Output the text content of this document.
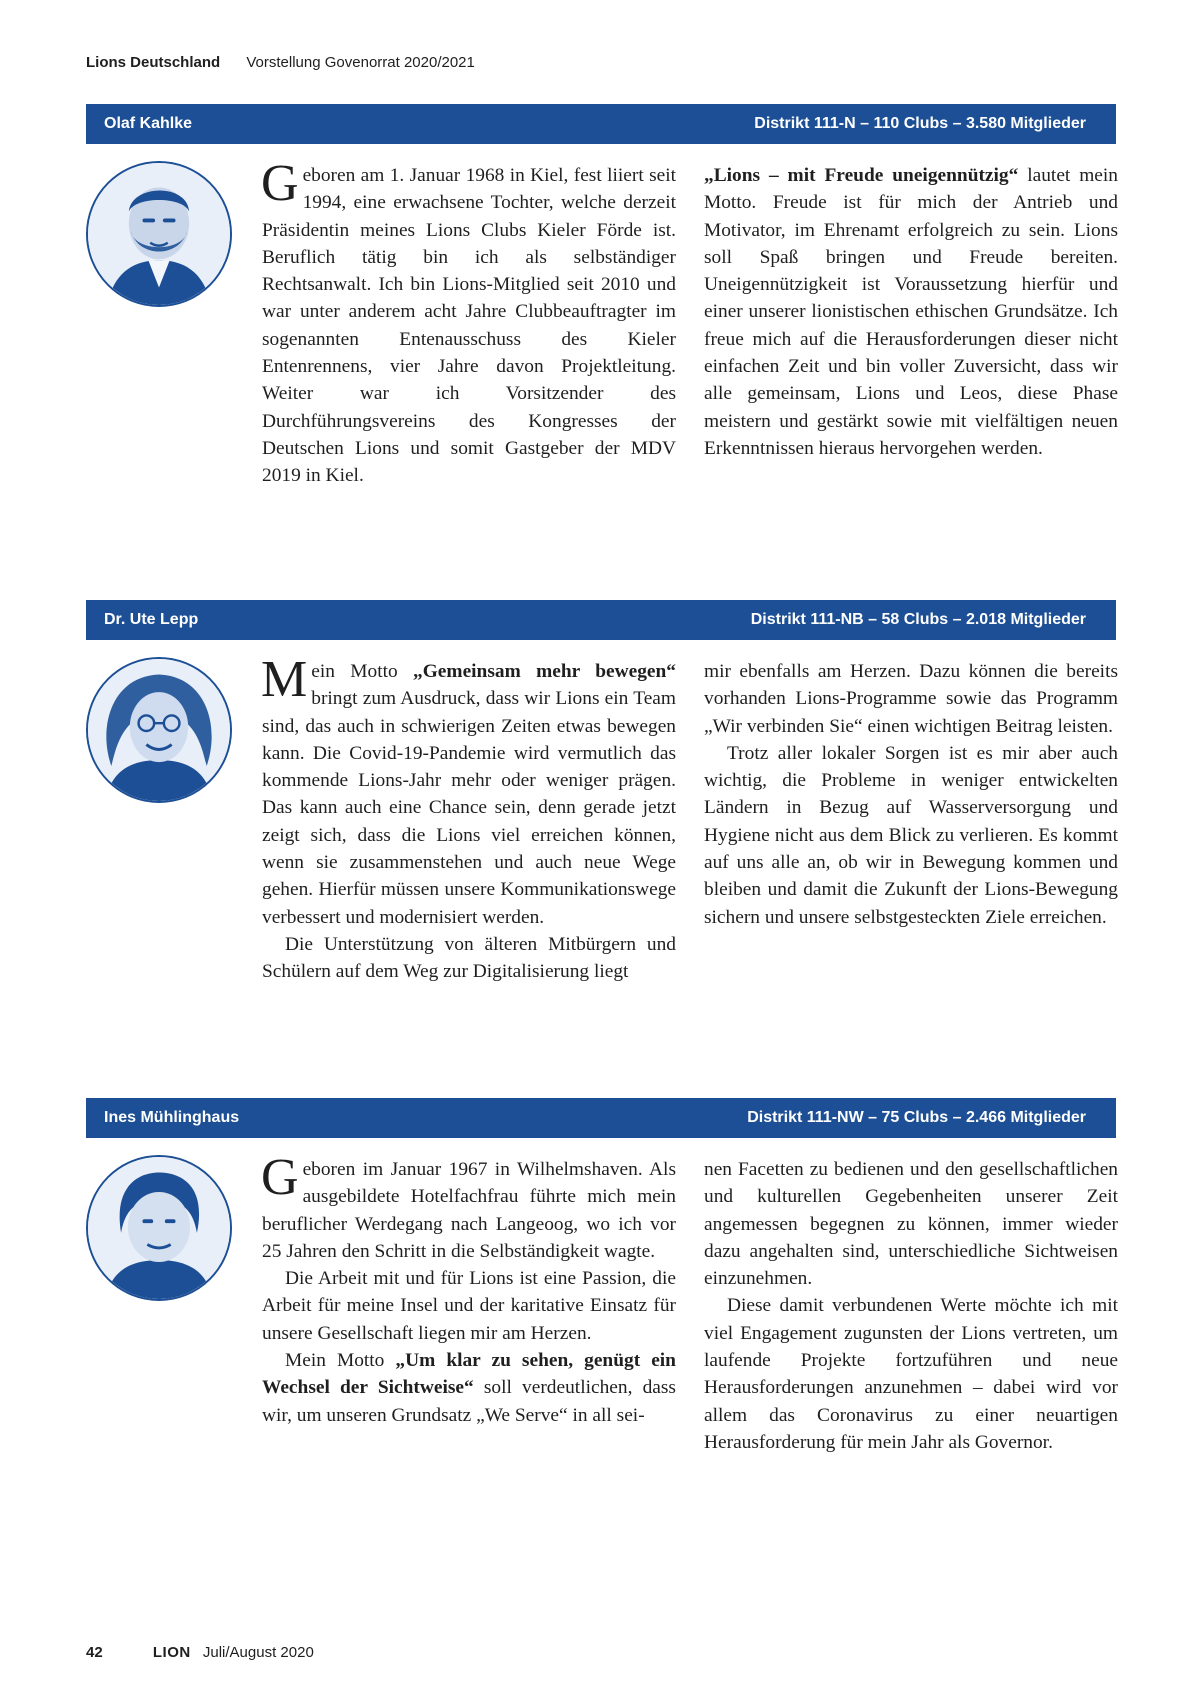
Lions Deutschland Vorstellung Govenorrat 2020/2021
Olaf Kahlke	Distrikt 111-N – 110 Clubs – 3.580 Mitglieder

Geboren am 1. Januar 1968 in Kiel, fest liiert seit 1994, eine erwachsene Tochter, welche derzeit Präsidentin meines Lions Clubs Kieler Förde ist. Beruflich tätig bin ich als selbständiger Rechtsanwalt. Ich bin Lions-Mitglied seit 2010 und war unter anderem acht Jahre Clubbeauftragter im sogenannten Entenausschuss des Kieler Entenrennens, vier Jahre davon Projektleitung. Weiter war ich Vorsitzender des Durchführungsvereins des Kongresses der Deutschen Lions und somit Gastgeber der MDV 2019 in Kiel.

„Lions – mit Freude uneigennützig“ lautet mein Motto. Freude ist für mich der Antrieb und Motivator, im Ehrenamt erfolgreich zu sein. Lions soll Spaß bringen und Freude bereiten. Uneigennützigkeit ist Voraussetzung hierfür und einer unserer lionistischen ethischen Grundsätze. Ich freue mich auf die Herausforderungen dieser nicht einfachen Zeit und bin voller Zuversicht, dass wir alle gemeinsam, Lions und Leos, diese Phase meistern und gestärkt sowie mit vielfältigen neuen Erkenntnissen hieraus hervorgehen werden.

Dr. Ute Lepp	Distrikt 111-NB – 58 Clubs – 2.018 Mitglieder

Mein Motto „Gemeinsam mehr bewegen“ bringt zum Ausdruck, dass wir Lions ein Team sind, das auch in schwierigen Zeiten etwas bewegen kann. Die Covid-19-Pandemie wird vermutlich das kommende Lions-Jahr mehr oder weniger prägen. Das kann auch eine Chance sein, denn gerade jetzt zeigt sich, dass die Lions viel erreichen können, wenn sie zusammenstehen und auch neue Wege gehen. Hierfür müssen unsere Kommunikationswege verbessert und modernisiert werden.

Die Unterstützung von älteren Mitbürgern und Schülern auf dem Weg zur Digitalisierung liegt

mir ebenfalls am Herzen. Dazu können die bereits vorhanden Lions-Programme sowie das Programm „Wir verbinden Sie“ einen wichtigen Beitrag leisten.

Trotz aller lokaler Sorgen ist es mir aber auch wichtig, die Probleme in weniger entwickelten Ländern in Bezug auf Wasserversorgung und Hygiene nicht aus dem Blick zu verlieren. Es kommt auf uns alle an, ob wir in Bewegung kommen und bleiben und damit die Zukunft der Lions-Bewegung sichern und unsere selbstgesteckten Ziele erreichen.

Ines Mühlinghaus	Distrikt 111-NW – 75 Clubs – 2.466 Mitglieder

Geboren im Januar 1967 in Wilhelmshaven. Als ausgebildete Hotelfachfrau führte mich mein beruflicher Werdegang nach Langeoog, wo ich vor 25 Jahren den Schritt in die Selbständigkeit wagte.

Die Arbeit mit und für Lions ist eine Passion, die Arbeit für meine Insel und der karitative Einsatz für unsere Gesellschaft liegen mir am Herzen.

Mein Motto „Um klar zu sehen, genügt ein Wechsel der Sichtweise“ soll verdeutlichen, dass wir, um unseren Grundsatz „We Serve“ in all sei-

nen Facetten zu bedienen und den gesellschaftlichen und kulturellen Gegebenheiten unserer Zeit angemessen begegnen zu können, immer wieder dazu angehalten sind, unterschiedliche Sichtweisen einzunehmen.

Diese damit verbundenen Werte möchte ich mit viel Engagement zugunsten der Lions vertreten, um laufende Projekte fortzuführen und neue Herausforderungen anzunehmen – dabei wird vor allem das Coronavirus zu einer neuartigen Herausforderung für mein Jahr als Governor.

42	LION Juli/August 2020
